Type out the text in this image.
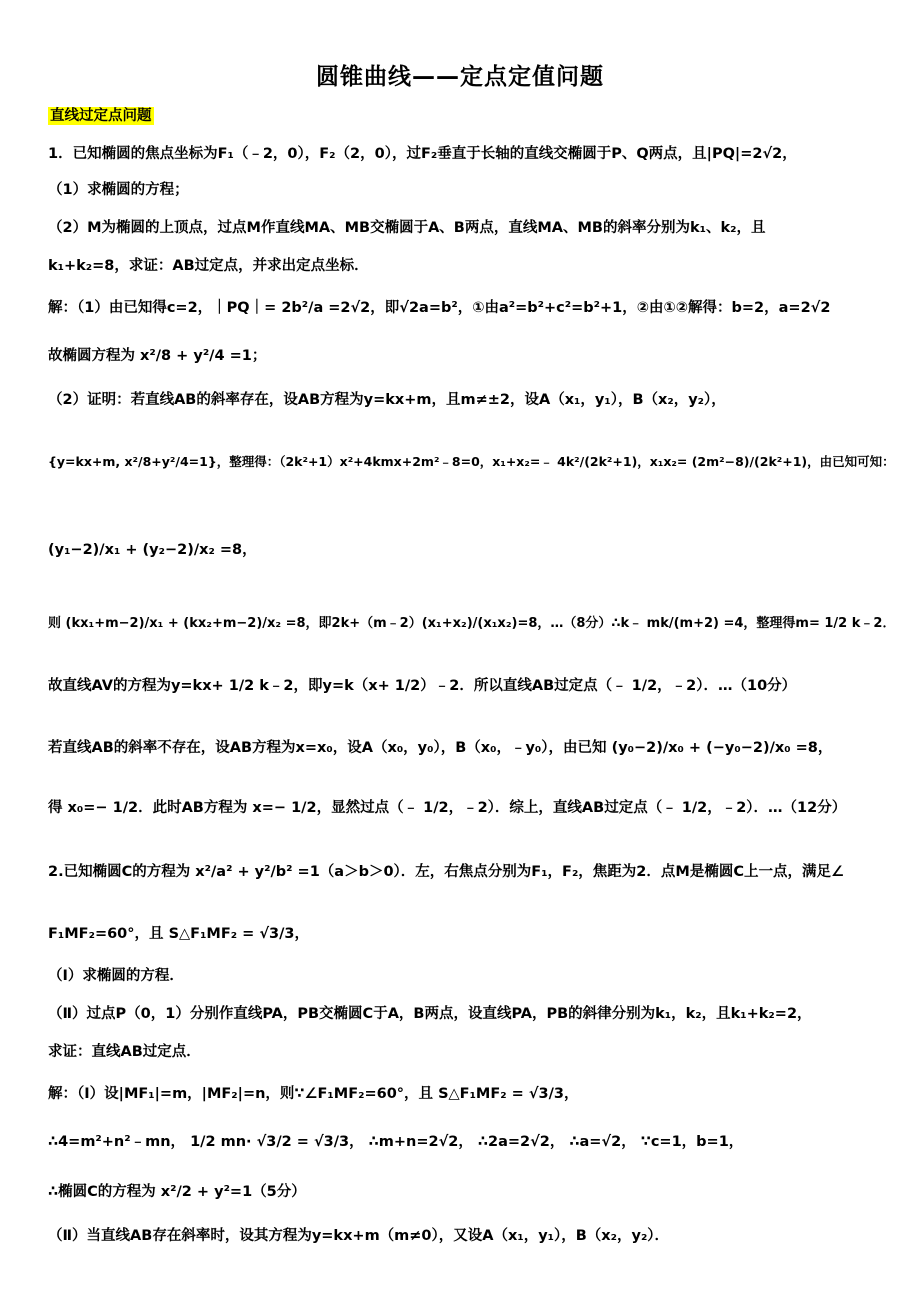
圆锥曲线——定点定值问题
直线过定点问题
1．已知椭圆的焦点坐标为F₁（﹣2，0），F₂（2，0），过F₂垂直于长轴的直线交椭圆于P、Q两点，且|PQ|=2√2，
（1）求椭圆的方程；
（2）M为椭圆的上顶点，过点M作直线MA、MB交椭圆于A、B两点，直线MA、MB的斜率分别为k₁、k₂，且
k₁+k₂=8，求证：AB过定点，并求出定点坐标．
解：（1）由已知得c=2，｜PQ｜= 2b²/a =2√2，即√2a=b²，①由a²=b²+c²=b²+1，②由①②解得：b=2，a=2√2
故椭圆方程为 x²/8 + y²/4 =1；
（2）证明：若直线AB的斜率存在，设AB方程为y=kx+m，且m≠±2，设A（x₁，y₁），B（x₂，y₂），
{y=kx+m, x²/8+y²/4=1}，整理得：（2k²+1）x²+4kmx+2m²﹣8=0，x₁+x₂=﹣ 4k²/(2k²+1)，x₁x₂= (2m²−8)/(2k²+1)，由已知可知：
(y₁−2)/x₁ + (y₂−2)/x₂ =8，
则 (kx₁+m−2)/x₁ + (kx₂+m−2)/x₂ =8，即2k+（m﹣2）(x₁+x₂)/(x₁x₂)=8，…（8分）∴k﹣ mk/(m+2) =4，整理得m= 1/2 k﹣2．
故直线AV的方程为y=kx+ 1/2 k﹣2，即y=k（x+ 1/2）﹣2．所以直线AB过定点（﹣ 1/2，﹣2）．…（10分）
若直线AB的斜率不存在，设AB方程为x=x₀，设A（x₀，y₀），B（x₀，﹣y₀），由已知 (y₀−2)/x₀ + (−y₀−2)/x₀ =8，
得 x₀=− 1/2．此时AB方程为 x=− 1/2，显然过点（﹣ 1/2，﹣2）．综上，直线AB过定点（﹣ 1/2，﹣2）．…（12分）
2.已知椭圆C的方程为 x²/a² + y²/b² =1（a＞b＞0）．左，右焦点分别为F₁，F₂，焦距为2．点M是椭圆C上一点，满足∠
F₁MF₂=60°，且 S△F₁MF₂ = √3/3，
（Ⅰ）求椭圆的方程．
（Ⅱ）过点P（0，1）分别作直线PA，PB交椭圆C于A，B两点，设直线PA，PB的斜律分别为k₁，k₂，且k₁+k₂=2，
求证：直线AB过定点．
解：（Ⅰ）设|MF₁|=m，|MF₂|=n，则∵∠F₁MF₂=60°，且 S△F₁MF₂ = √3/3，
∴4=m²+n²﹣mn， 1/2 mn· √3/2 = √3/3， ∴m+n=2√2， ∴2a=2√2， ∴a=√2， ∵c=1，b=1，
∴椭圆C的方程为 x²/2 + y²=1（5分）
（Ⅱ）当直线AB存在斜率时，设其方程为y=kx+m（m≠0），又设A（x₁，y₁），B（x₂，y₂）．
